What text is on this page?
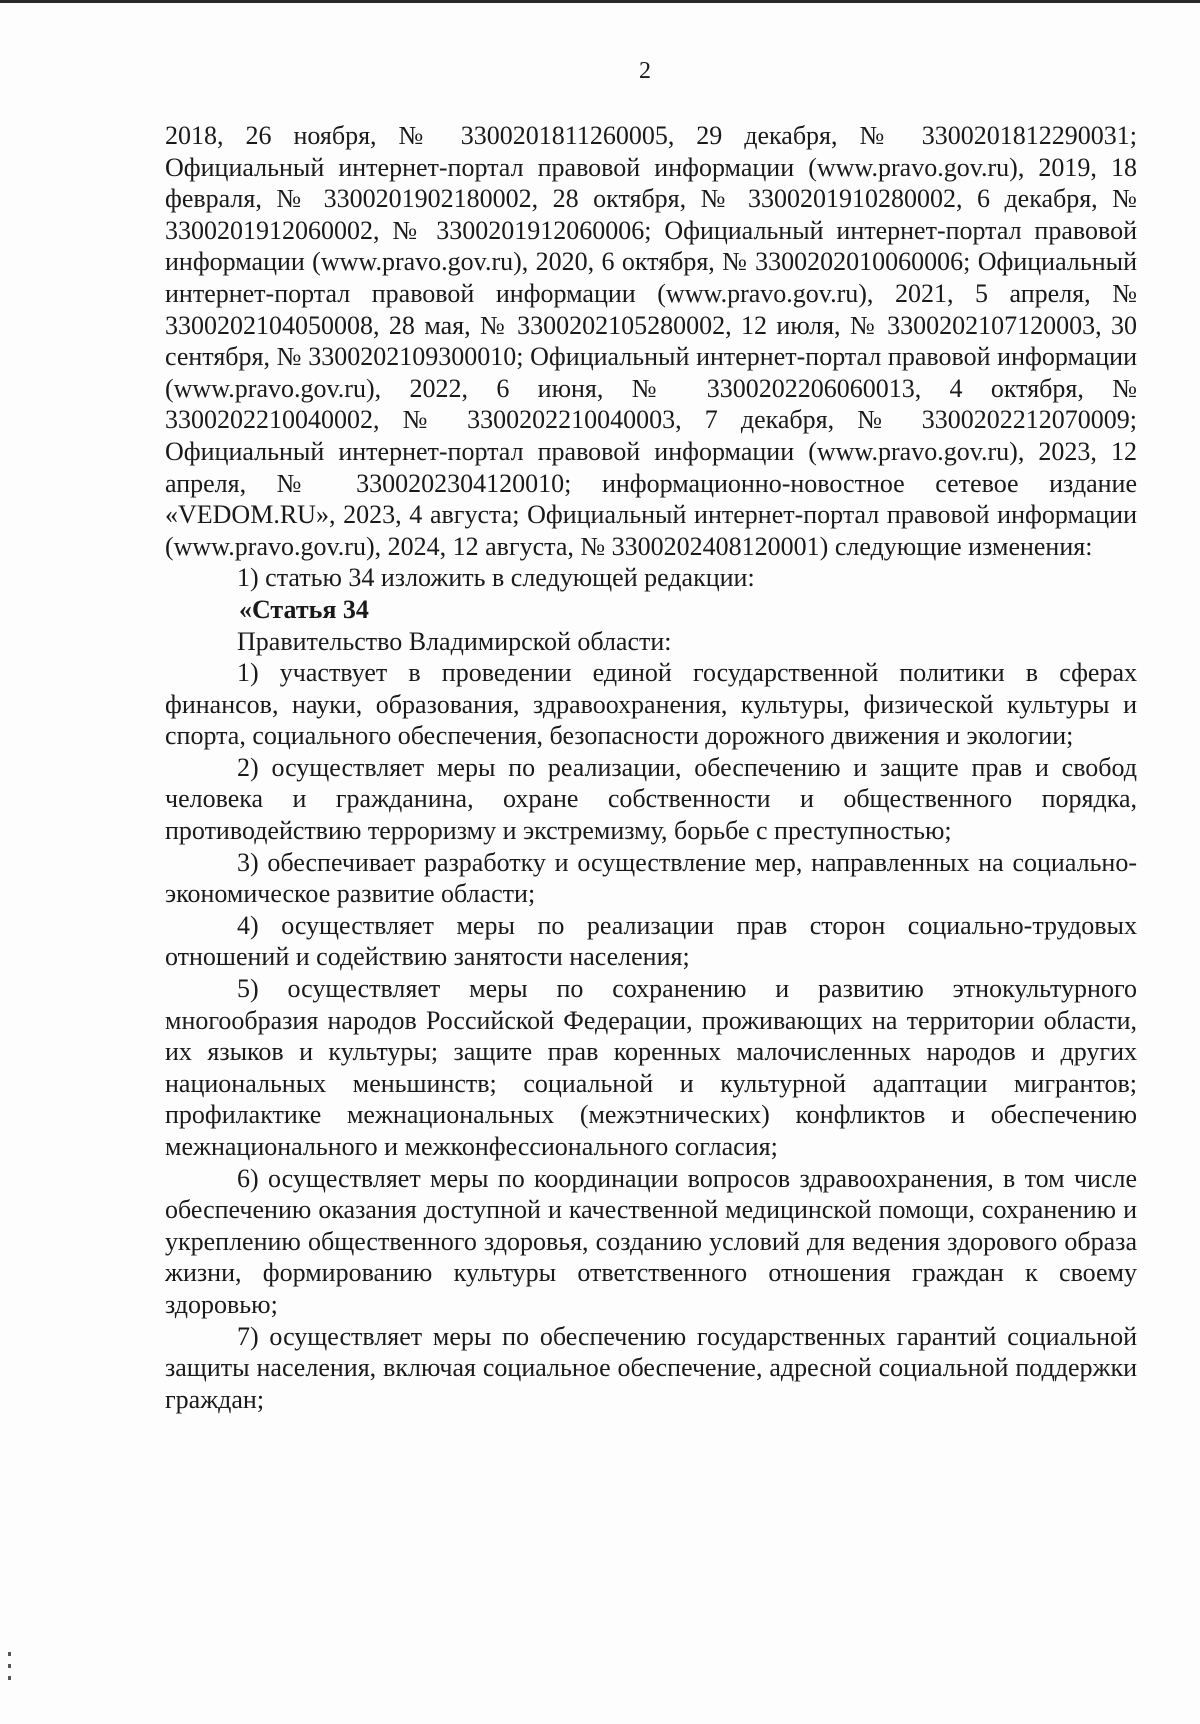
2

2018, 26 ноября, № 3300201811260005, 29 декабря, № 3300201812290031; Официальный интернет-портал правовой информации (www.pravo.gov.ru), 2019, 18 февраля, № 3300201902180002, 28 октября, № 3300201910280002, 6 декабря, № 3300201912060002, № 3300201912060006; Официальный интернет-портал правовой информации (www.pravo.gov.ru), 2020, 6 октября, № 3300202010060006; Официальный интернет-портал правовой информации (www.pravo.gov.ru), 2021, 5 апреля, № 3300202104050008, 28 мая, № 3300202105280002, 12 июля, № 3300202107120003, 30 сентября, № 3300202109300010; Официальный интернет-портал правовой информации (www.pravo.gov.ru), 2022, 6 июня, № 3300202206060013, 4 октября, № 3300202210040002, № 3300202210040003, 7 декабря, № 3300202212070009; Официальный интернет-портал правовой информации (www.pravo.gov.ru), 2023, 12 апреля, № 3300202304120010; информационно-новостное сетевое издание «VEDOM.RU», 2023, 4 августа; Официальный интернет-портал правовой информации (www.pravo.gov.ru), 2024, 12 августа, № 3300202408120001) следующие изменения:

1) статью 34 изложить в следующей редакции:

«Статья 34

Правительство Владимирской области:

1) участвует в проведении единой государственной политики в сферах финансов, науки, образования, здравоохранения, культуры, физической культуры и спорта, социального обеспечения, безопасности дорожного движения и экологии;

2) осуществляет меры по реализации, обеспечению и защите прав и свобод человека и гражданина, охране собственности и общественного порядка, противодействию терроризму и экстремизму, борьбе с преступностью;

3) обеспечивает разработку и осуществление мер, направленных на социально-экономическое развитие области;

4) осуществляет меры по реализации прав сторон социально-трудовых отношений и содействию занятости населения;

5) осуществляет меры по сохранению и развитию этнокультурного многообразия народов Российской Федерации, проживающих на территории области, их языков и культуры; защите прав коренных малочисленных народов и других национальных меньшинств; социальной и культурной адаптации мигрантов; профилактике межнациональных (межэтнических) конфликтов и обеспечению межнационального и межконфессионального согласия;

6) осуществляет меры по координации вопросов здравоохранения, в том числе обеспечению оказания доступной и качественной медицинской помощи, сохранению и укреплению общественного здоровья, созданию условий для ведения здорового образа жизни, формированию культуры ответственного отношения граждан к своему здоровью;

7) осуществляет меры по обеспечению государственных гарантий социальной защиты населения, включая социальное обеспечение, адресной социальной поддержки граждан;
